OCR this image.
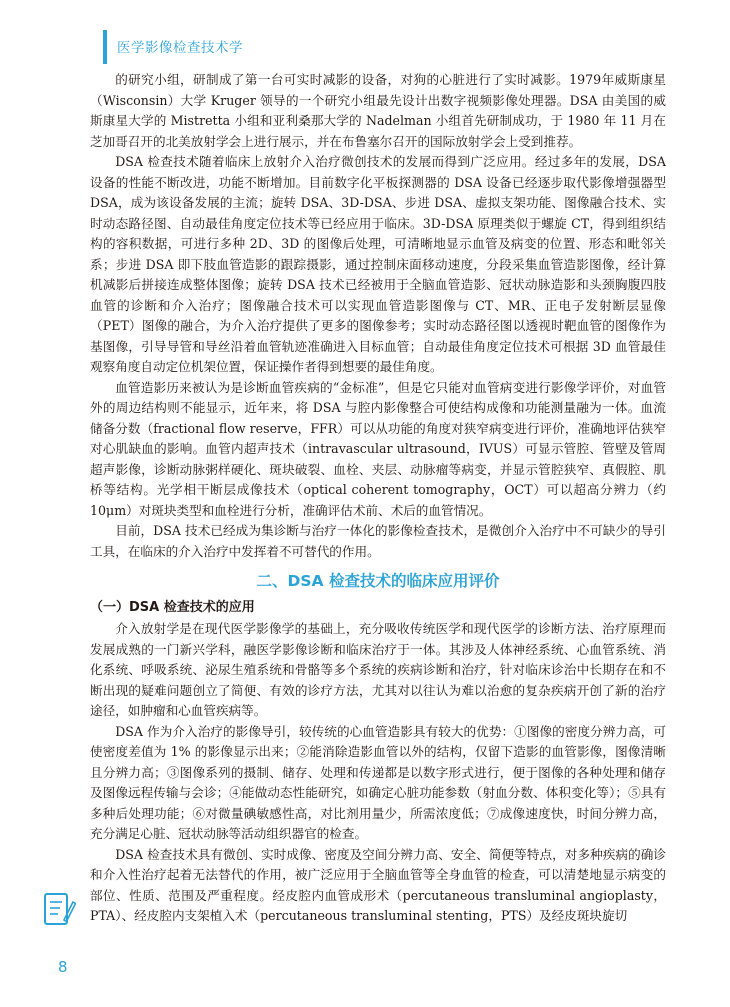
医学影像检查技术学

的研究小组，研制成了第一台可实时减影的设备，对狗的心脏进行了实时减影。1979年威斯康星（Wisconsin）大学 Kruger 领导的一个研究小组最先设计出数字视频影像处理器。DSA 由美国的威斯康星大学的 Mistretta 小组和亚利桑那大学的 Nadelman 小组首先研制成功，于 1980 年 11 月在芝加哥召开的北美放射学会上进行展示，并在布鲁塞尔召开的国际放射学会上受到推荐。

DSA 检查技术随着临床上放射介入治疗微创技术的发展而得到广泛应用。经过多年的发展，DSA 设备的性能不断改进，功能不断增加。目前数字化平板探测器的 DSA 设备已经逐步取代影像增强器型 DSA，成为该设备发展的主流；旋转 DSA、3D-DSA、步进 DSA、虚拟支架功能、图像融合技术、实时动态路径图、自动最佳角度定位技术等已经应用于临床。3D-DSA 原理类似于螺旋 CT，得到组织结构的容积数据，可进行多种 2D、3D 的图像后处理，可清晰地显示血管及病变的位置、形态和毗邻关系；步进 DSA 即下肢血管造影的跟踪摄影，通过控制床面移动速度，分段采集血管造影图像，经计算机减影后拼接连成整体图像；旋转 DSA 技术已经被用于全脑血管造影、冠状动脉造影和头颈胸腹四肢血管的诊断和介入治疗；图像融合技术可以实现血管造影图像与 CT、MR、正电子发射断层显像（PET）图像的融合，为介入治疗提供了更多的图像参考；实时动态路径图以透视时靶血管的图像作为基图像，引导导管和导丝沿着血管轨迹准确进入目标血管；自动最佳角度定位技术可根据 3D 血管最佳观察角度自动定位机架位置，保证操作者得到想要的最佳角度。

血管造影历来被认为是诊断血管疾病的“金标准”，但是它只能对血管病变进行影像学评价，对血管外的周边结构则不能显示，近年来，将 DSA 与腔内影像整合可使结构成像和功能测量融为一体。血流储备分数（fractional flow reserve，FFR）可以从功能的角度对狭窄病变进行评价，准确地评估狭窄对心肌缺血的影响。血管内超声技术（intravascular ultrasound，IVUS）可显示管腔、管壁及管周超声影像，诊断动脉粥样硬化、斑块破裂、血栓、夹层、动脉瘤等病变，并显示管腔狭窄、真假腔、肌桥等结构。光学相干断层成像技术（optical coherent tomography，OCT）可以超高分辨力（约 10μm）对斑块类型和血栓进行分析，准确评估术前、术后的血管情况。

目前，DSA 技术已经成为集诊断与治疗一体化的影像检查技术，是微创介入治疗中不可缺少的导引工具，在临床的介入治疗中发挥着不可替代的作用。

二、DSA 检查技术的临床应用评价
（一）DSA 检查技术的应用

介入放射学是在现代医学影像学的基础上，充分吸收传统医学和现代医学的诊断方法、治疗原理而发展成熟的一门新兴学科，融医学影像诊断和临床治疗于一体。其涉及人体神经系统、心血管系统、消化系统、呼吸系统、泌尿生殖系统和骨骼等多个系统的疾病诊断和治疗，针对临床诊治中长期存在和不断出现的疑难问题创立了简便、有效的诊疗方法，尤其对以往认为难以治愈的复杂疾病开创了新的治疗途径，如肿瘤和心血管疾病等。

DSA 作为介入治疗的影像导引，较传统的心血管造影具有较大的优势：①图像的密度分辨力高，可使密度差值为 1% 的影像显示出来；②能消除造影血管以外的结构，仅留下造影的血管影像，图像清晰且分辨力高；③图像系列的摄制、储存、处理和传递都是以数字形式进行，便于图像的各种处理和储存及图像远程传输与会诊；④能做动态性能研究，如确定心脏功能参数（射血分数、体积变化等）；⑤具有多种后处理功能；⑥对微量碘敏感性高，对比剂用量少，所需浓度低；⑦成像速度快，时间分辨力高，充分满足心脏、冠状动脉等活动组织器官的检查。

DSA 检查技术具有微创、实时成像、密度及空间分辨力高、安全、简便等特点，对多种疾病的确诊和介入性治疗起着无法替代的作用，被广泛应用于全脑血管等全身血管的检查，可以清楚地显示病变的部位、性质、范围及严重程度。经皮腔内血管成形术（percutaneous transluminal angioplasty，PTA）、经皮腔内支架植入术（percutaneous transluminal stenting，PTS）及经皮斑块旋切

8
